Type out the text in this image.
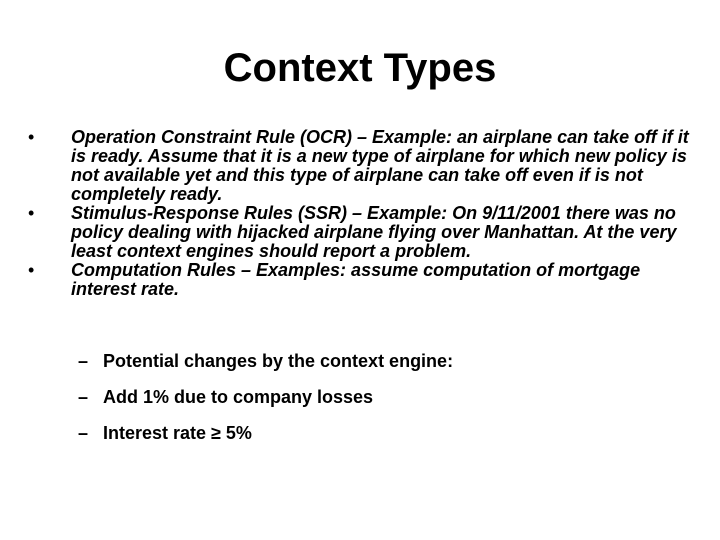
Context Types
• Operation Constraint Rule (OCR) – Example: an airplane can take off if it is ready. Assume that it is a new type of airplane for which new policy is not available yet and this type of airplane can take off even if is not completely ready.
• Stimulus-Response Rules (SSR) – Example: On 9/11/2001 there was no policy dealing with hijacked airplane flying over Manhattan. At the very least context engines should report a problem.
• Computation Rules – Examples: assume computation of mortgage interest rate.
– Potential changes by the context engine:
– Add 1% due to company losses
– Interest rate ≥ 5%
